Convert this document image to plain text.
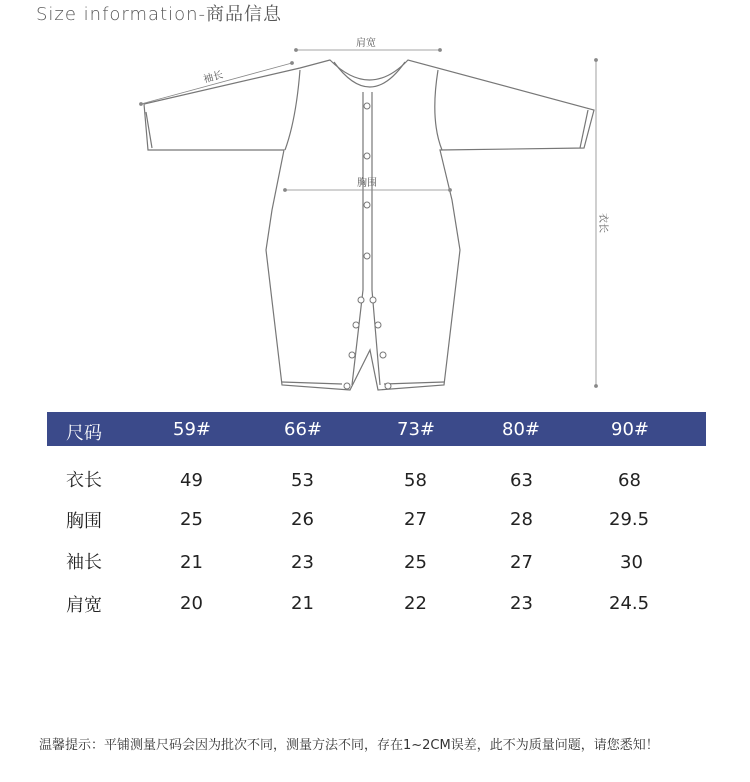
Size information-商品信息
肩宽
袖长
胸围
衣长
尺码	59#	66#	73#	80#	90#
衣长	49	53	58	63	68
胸围	25	26	27	28	29.5
袖长	21	23	25	27	30
肩宽	20	21	22	23	24.5
温馨提示：平铺测量尺码会因为批次不同，测量方法不同，存在1~2CM误差，此不为质量问题，请您悉知！
